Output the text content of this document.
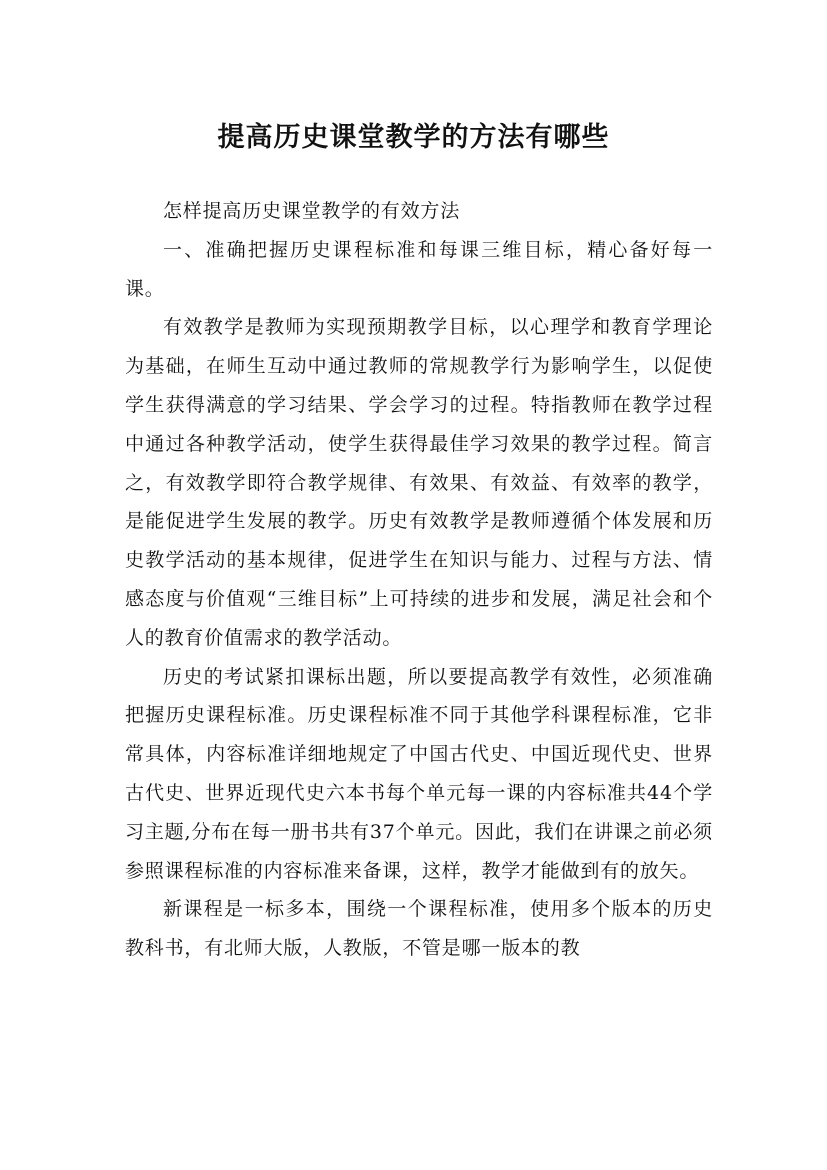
提高历史课堂教学的方法有哪些

怎样提高历史课堂教学的有效方法

一、准确把握历史课程标准和每课三维目标，精心备好每一课。

有效教学是教师为实现预期教学目标，以心理学和教育学理论为基础，在师生互动中通过教师的常规教学行为影响学生，以促使学生获得满意的学习结果、学会学习的过程。特指教师在教学过程中通过各种教学活动，使学生获得最佳学习效果的教学过程。简言之，有效教学即符合教学规律、有效果、有效益、有效率的教学，是能促进学生发展的教学。历史有效教学是教师遵循个体发展和历史教学活动的基本规律，促进学生在知识与能力、过程与方法、情感态度与价值观“三维目标”上可持续的进步和发展，满足社会和个人的教育价值需求的教学活动。

历史的考试紧扣课标出题，所以要提高教学有效性，必须准确把握历史课程标准。历史课程标准不同于其他学科课程标准，它非常具体，内容标准详细地规定了中国古代史、中国近现代史、世界古代史、世界近现代史六本书每个单元每一课的内容标准共44个学习主题,分布在每一册书共有37个单元。因此，我们在讲课之前必须参照课程标准的内容标准来备课，这样，教学才能做到有的放矢。

新课程是一标多本，围绕一个课程标准，使用多个版本的历史教科书，有北师大版，人教版，不管是哪一版本的教
